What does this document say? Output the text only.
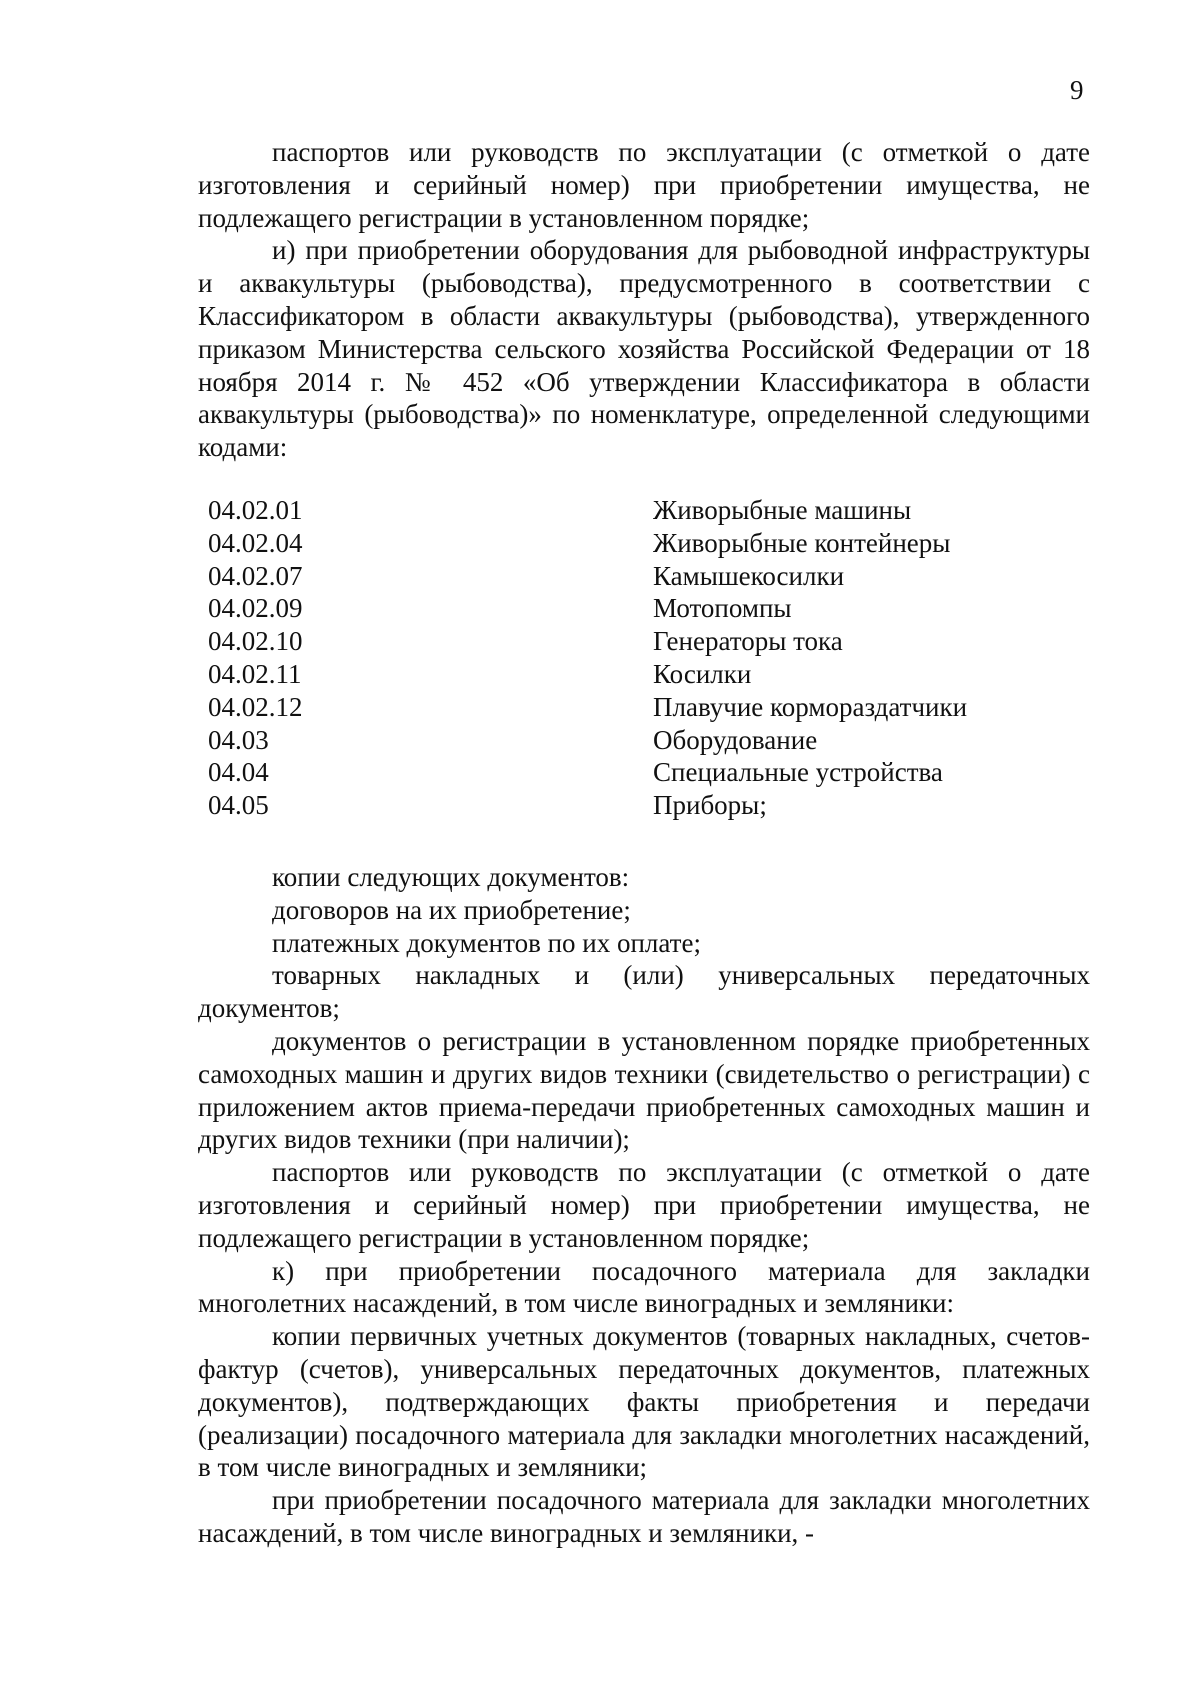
9

паспортов или руководств по эксплуатации (с отметкой о дате изготовления и серийный номер) при приобретении имущества, не подлежащего регистрации в установленном порядке;

и) при приобретении оборудования для рыбоводной инфраструктуры и аквакультуры (рыбоводства), предусмотренного в соответствии с Классификатором в области аквакультуры (рыбоводства), утвержденного приказом Министерства сельского хозяйства Российской Федерации от 18 ноября 2014 г. № 452 «Об утверждении Классификатора в области аквакультуры (рыбоводства)» по номенклатуре, определенной следующими кодами:

04.02.01	Живорыбные машины
04.02.04	Живорыбные контейнеры
04.02.07	Камышекосилки
04.02.09	Мотопомпы
04.02.10	Генераторы тока
04.02.11	Косилки
04.02.12	Плавучие кормораздатчики
04.03	Оборудование
04.04	Специальные устройства
04.05	Приборы;

копии следующих документов:

договоров на их приобретение;

платежных документов по их оплате;

товарных накладных и (или) универсальных передаточных документов;

документов о регистрации в установленном порядке приобретенных самоходных машин и других видов техники (свидетельство о регистрации) с приложением актов приема-передачи приобретенных самоходных машин и других видов техники (при наличии);

паспортов или руководств по эксплуатации (с отметкой о дате изготовления и серийный номер) при приобретении имущества, не подлежащего регистрации в установленном порядке;

к) при приобретении посадочного материала для закладки многолетних насаждений, в том числе виноградных и земляники:

копии первичных учетных документов (товарных накладных, счетов-фактур (счетов), универсальных передаточных документов, платежных документов), подтверждающих факты приобретения и передачи (реализации) посадочного материала для закладки многолетних насаждений, в том числе виноградных и земляники;

при приобретении посадочного материала для закладки многолетних насаждений, в том числе виноградных и земляники, -
